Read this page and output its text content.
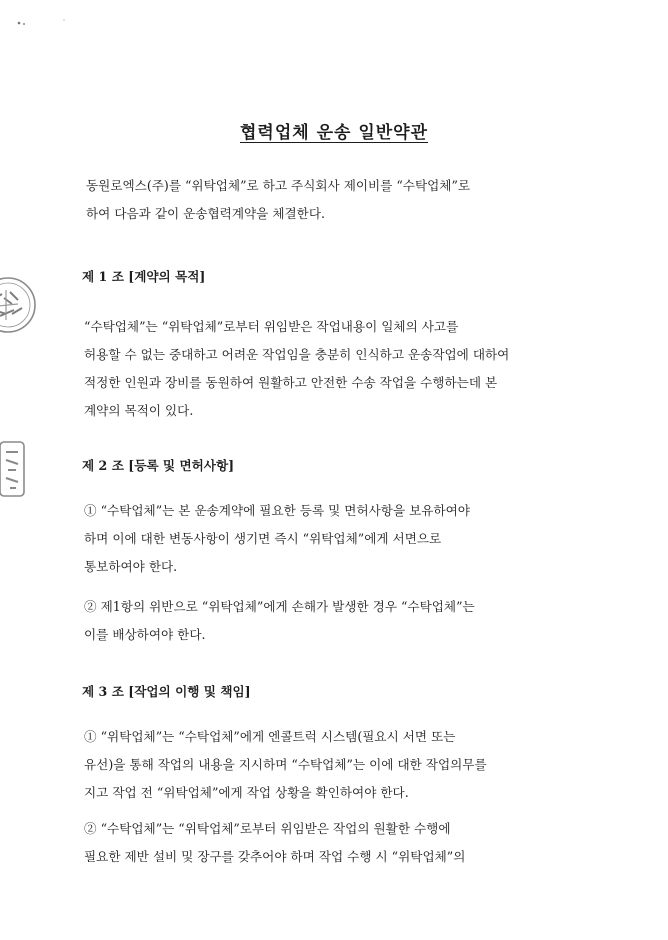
협력업체 운송 일반약관
동원로엑스(주)를 “위탁업체”로 하고 주식회사 제이비를 “수탁업체”로
하여 다음과 같이 운송협력계약을 체결한다.
제 1 조 [계약의 목적]
“수탁업체”는 “위탁업체”로부터 위임받은 작업내용이 일체의 사고를
허용할 수 없는 중대하고 어려운 작업임을 충분히 인식하고 운송작업에 대하여
적정한 인원과 장비를 동원하여 원활하고 안전한 수송 작업을 수행하는데 본
계약의 목적이 있다.
제 2 조 [등록 및 면허사항]
① “수탁업체”는 본 운송계약에 필요한 등록 및 면허사항을 보유하여야
하며 이에 대한 변동사항이 생기면 즉시 “위탁업체”에게 서면으로
통보하여야 한다.
② 제1항의 위반으로 “위탁업체”에게 손해가 발생한 경우 “수탁업체”는
이를 배상하여야 한다.
제 3 조 [작업의 이행 및 책임]
① “위탁업체”는 “수탁업체”에게 엔콜트럭 시스템(필요시 서면 또는
유선)을 통해 작업의 내용을 지시하며 “수탁업체”는 이에 대한 작업의무를
지고 작업 전 “위탁업체”에게 작업 상황을 확인하여야 한다.
② “수탁업체”는 “위탁업체”로부터 위임받은 작업의 원활한 수행에
필요한 제반 설비 및 장구를 갖추어야 하며 작업 수행 시 “위탁업체”의
